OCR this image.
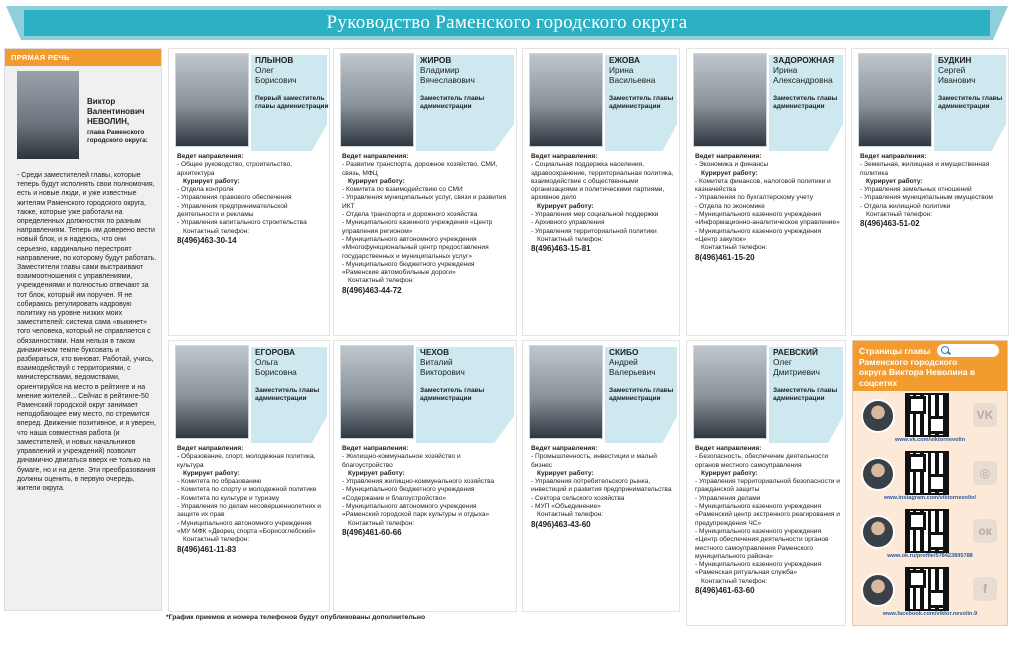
Руководство Раменского городского округа
ПРЯМАЯ РЕЧЬ
Виктор
Валентинович
НЕВОЛИН,
глава Раменского городского округа:
- Среди заместителей главы, которые теперь будут исполнять свои полномочия, есть и новые люди, и уже известные жителям Раменского городского округа, также, которые уже работали на определенных должностях по разным направлениям. Теперь им доверено вести новый блок, и я надеюсь, что они серьезно, кардинально перестроят направление, по которому будут работать. Заместители главы сами выстраивают взаимоотношения с управлениями, учреждениями и полностью отвечают за тот блок, который им поручен. Я не собираюсь регулировать кадровую политику на уровне низких моих заместителей: система сама «выкинет» того человека, который не справляется с обязанностями. Нам нельзя в таком динамичном темпе буксовать и разбираться, кто виноват. Работай, учись, взаимодействуй с территориями, с министерствами, ведомствами, ориентируйся на место в рейтинге и на мнение жителей... Сейчас в рейтинге-50 Раменский городской округ занимает неподобающее ему место, по стремится вперед. Движение позитивное, и я уверен, что наша совместная работа (и заместителей, и новых начальников управлений и учреждений) позволит динамично двигаться вверх не только на бумаге, но и на деле. Эти преобразования должны оценить, в первую очередь, жители округа.
ПЛЫНОВ
Олег
Борисович
Первый заместитель главы администрации
Ведет направления:
- Общее руководство, строительство, архитектура
Курирует работу:
- Отдела контроля
- Управления правового обеспечения
- Управления предпринимательской деятельности и рекламы
- Управления капитального строительства
Контактный телефон:
8(496)463-30-14
ЖИРОВ
Владимир
Вячеславович
Заместитель главы администрации
Ведет направления:
- Развитие транспорта, дорожное хозяйство, СМИ, связь, МФЦ
Курирует работу:
- Комитета по взаимодействию со СМИ
- Управления муниципальных услуг, связи и развития ИКТ
- Отдела транспорта и дорожного хозяйства
- Муниципального казенного учреждения «Центр управления регионом»
- Муниципального автономного учреждения «Многофункциональный центр предоставления государственных и муниципальных услуг»
- Муниципального бюджетного учреждения «Раменские автомобильные дороги»
Контактный телефон:
8(496)463-44-72
ЕЖОВА
Ирина
Васильевна
Заместитель главы администрации
Ведет направления:
- Социальная поддержка населения, здравоохранение, территориальная политика, взаимодействие с общественными организациями и политическими партиями, архивное дело
Курирует работу:
- Управления мер социальной поддержки
- Архивного управления
- Управления территориальной политики
Контактный телефон:
8(496)463-15-81
ЗАДОРОЖНАЯ
Ирина
Александровна
Заместитель главы администрации
Ведет направления:
- Экономика и финансы
Курирует работу:
- Комитета финансов, налоговой политики и казначейства
- Управления по бухгалтерскому учету
- Отдела по экономике
- Муниципального казенного учреждения «Информационно-аналитическое управление»
- Муниципального казенного учреждения «Центр закупок»
Контактный телефон:
8(496)461-15-20
БУДКИН
Сергей
Иванович
Заместитель главы администрации
Ведет направления:
- Земельная, жилищная и имущественная политика
Курирует работу:
- Управления земельных отношений
- Управления муниципальным имуществом
- Отдела жилищной политики
Контактный телефон:
8(496)463-51-02
ЕГОРОВА
Ольга
Борисовна
Заместитель главы администрации
Ведет направления:
- Образование, спорт, молодежная политика, культура
Курирует работу:
- Комитета по образованию
- Комитета по спорту и молодежной политике
- Комитета по культуре и туризму
- Управления по делам несовершеннолетних и защите их прав
- Муниципального автономного учреждения «МУ МФК «Дворец спорта «Борисоглебский»
Контактный телефон:
8(496)461-11-83
ЧЕХОВ
Виталий
Викторович
Заместитель главы администрации
Ведет направления:
- Жилищно-коммунальное хозяйство и благоустройство
Курирует работу:
- Управления жилищно-коммунального хозяйства
- Муниципального бюджетного учреждения «Содержание и благоустройство»
- Муниципального автономного учреждения «Раменский городской парк культуры и отдыха»
Контактный телефон:
8(496)461-60-66
СКИБО
Андрей
Валерьевич
Заместитель главы администрации
Ведет направления:
- Промышленность, инвестиции и малый бизнес
Курирует работу:
- Управления потребительского рынка, инвестиций и развития предпринимательства
- Сектора сельского хозяйства
- МУП «Объединение»
Контактный телефон:
8(496)463-43-60
РАЕВСКИЙ
Олег
Дмитриевич
Заместитель главы администрации
Ведет направления:
- Безопасность, обеспечение деятельности органов местного самоуправления
Курирует работу:
- Управления территориальной безопасности и гражданской защиты
- Управления делами
- Муниципального казенного учреждения «Раменский центр экстренного реагирования и предупреждения ЧС»
- Муниципального казенного учреждения «Центр обеспечения деятельности органов местного самоуправления Раменского муниципального района»
- Муниципального казенного учреждения «Раменская ритуальная служба»
Контактный телефон:
8(496)461-63-60
Страницы главы Раменского городского округа Виктора Неволина в соцсетях
VK
www.vk.com/viktornevolin
◎
www.instagram.com/viktornevolin/
ок
www.ok.ru/profile/578423895788
f
www.facebook.com/viktor.nevolin.9
*График приемов и номера телефонов будут опубликованы дополнительно
